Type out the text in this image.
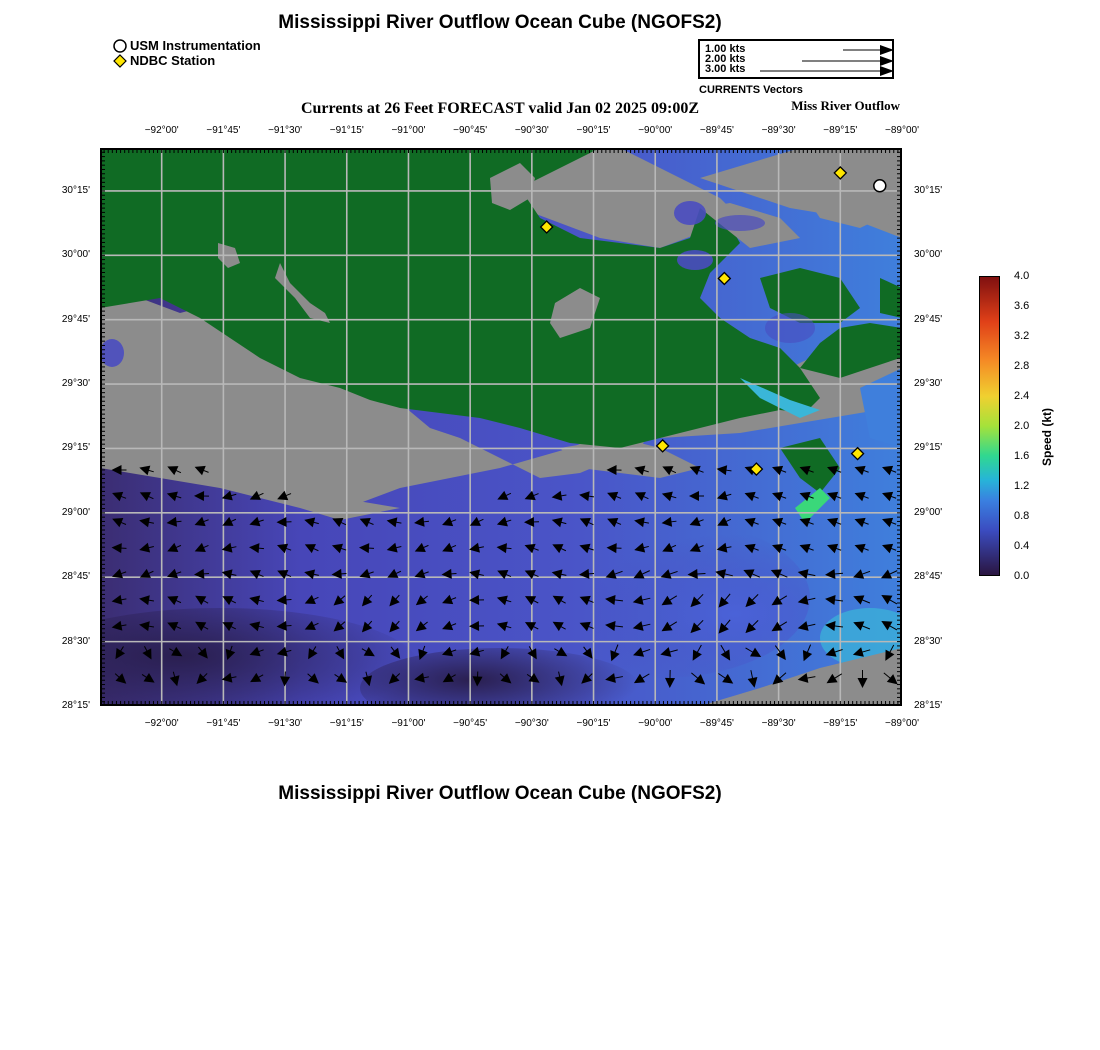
Mississippi River Outflow Ocean Cube (NGOFS2)
USM Instrumentation
NDBC Station
1.00 kts
2.00 kts
3.00 kts
CURRENTS Vectors
Currents at 26 Feet FORECAST valid Jan 02 2025 09:00Z	Miss River Outflow
−92°00'	−91°45'	−91°30'	−91°15'	−91°00'	−90°45'	−90°30'	−90°15'	−90°00'	−89°45'	−89°30'	−89°15'	−89°00'
−92°00'	−91°45'	−91°30'	−91°15'	−91°00'	−90°45'	−90°30'	−90°15'	−90°00'	−89°45'	−89°30'	−89°15'	−89°00'
30°15'
30°00'
29°45'
29°30'
29°15'
29°00'
28°45'
28°30'
28°15'
30°15'
30°00'
29°45'
29°30'
29°15'
29°00'
28°45'
28°30'
28°15'
4.0
3.6
3.2
2.8
2.4
2.0
1.6
1.2
0.8
0.4
0.0
Speed (kt)
Mississippi River Outflow Ocean Cube (NGOFS2)
